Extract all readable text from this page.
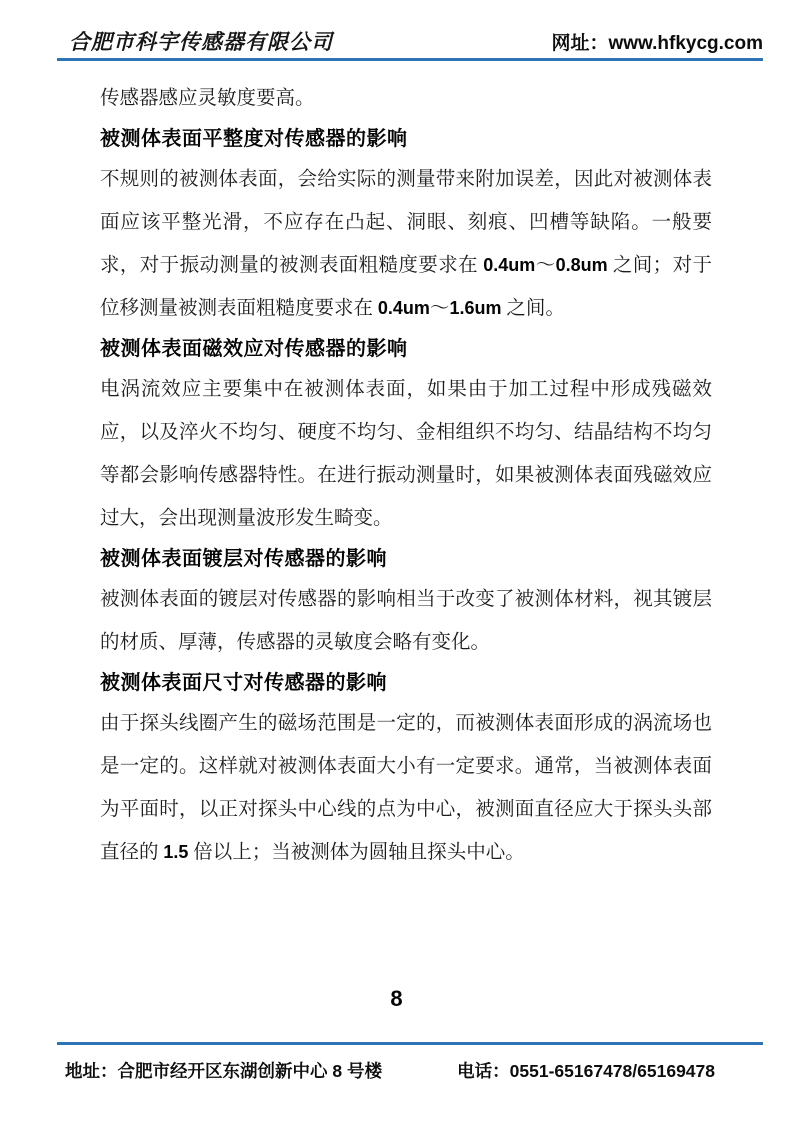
合肥市科宇传感器有限公司	网址：www.hfkycg.com

传感器感应灵敏度要高。

被测体表面平整度对传感器的影响

不规则的被测体表面，会给实际的测量带来附加误差，因此对被测体表面应该平整光滑，不应存在凸起、洞眼、刻痕、凹槽等缺陷。一般要求，对于振动测量的被测表面粗糙度要求在 0.4um～0.8um 之间；对于位移测量被测表面粗糙度要求在 0.4um～1.6um 之间。

被测体表面磁效应对传感器的影响

电涡流效应主要集中在被测体表面，如果由于加工过程中形成残磁效应，以及淬火不均匀、硬度不均匀、金相组织不均匀、结晶结构不均匀等都会影响传感器特性。在进行振动测量时，如果被测体表面残磁效应过大，会出现测量波形发生畸变。

被测体表面镀层对传感器的影响

被测体表面的镀层对传感器的影响相当于改变了被测体材料，视其镀层的材质、厚薄，传感器的灵敏度会略有变化。

被测体表面尺寸对传感器的影响

由于探头线圈产生的磁场范围是一定的，而被测体表面形成的涡流场也是一定的。这样就对被测体表面大小有一定要求。通常，当被测体表面为平面时，以正对探头中心线的点为中心，被测面直径应大于探头头部直径的 1.5 倍以上；当被测体为圆轴且探头中心。

8
地址：合肥市经开区东湖创新中心 8 号楼	电话：0551-65167478/65169478
